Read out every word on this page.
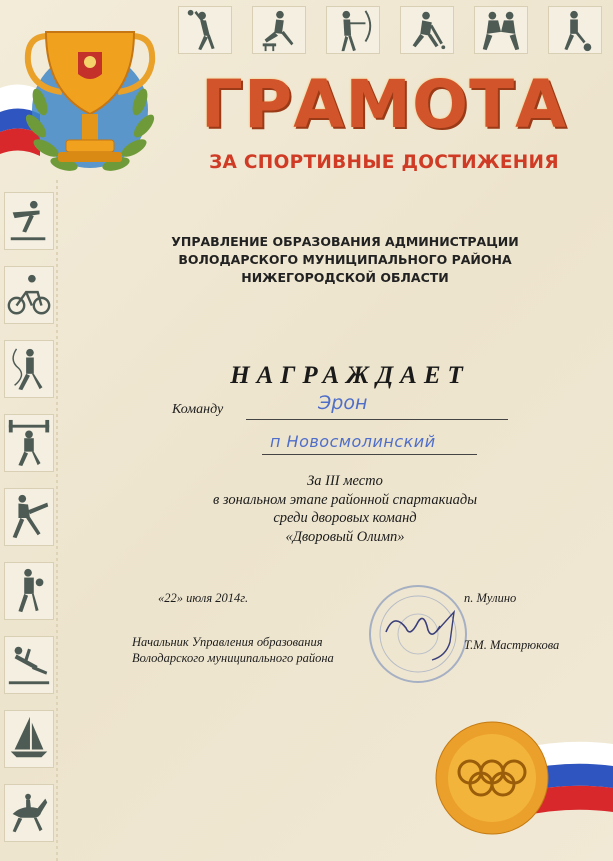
ГРАМОТА
ЗА СПОРТИВНЫЕ ДОСТИЖЕНИЯ
УПРАВЛЕНИЕ ОБРАЗОВАНИЯ АДМИНИСТРАЦИИ
ВОЛОДАРСКОГО МУНИЦИПАЛЬНОГО РАЙОНА
НИЖЕГОРОДСКОЙ ОБЛАСТИ
НАГРАЖДАЕТ
Команду	Эрон
п Новосмолинский
За III место
в зональном этапе районной спартакиады
среди дворовых команд
«Дворовый Олимп»
«22» июля 2014г.	п. Мулино
Начальник Управления образования
Володарского муниципального района
Т.М. Мастрюкова
